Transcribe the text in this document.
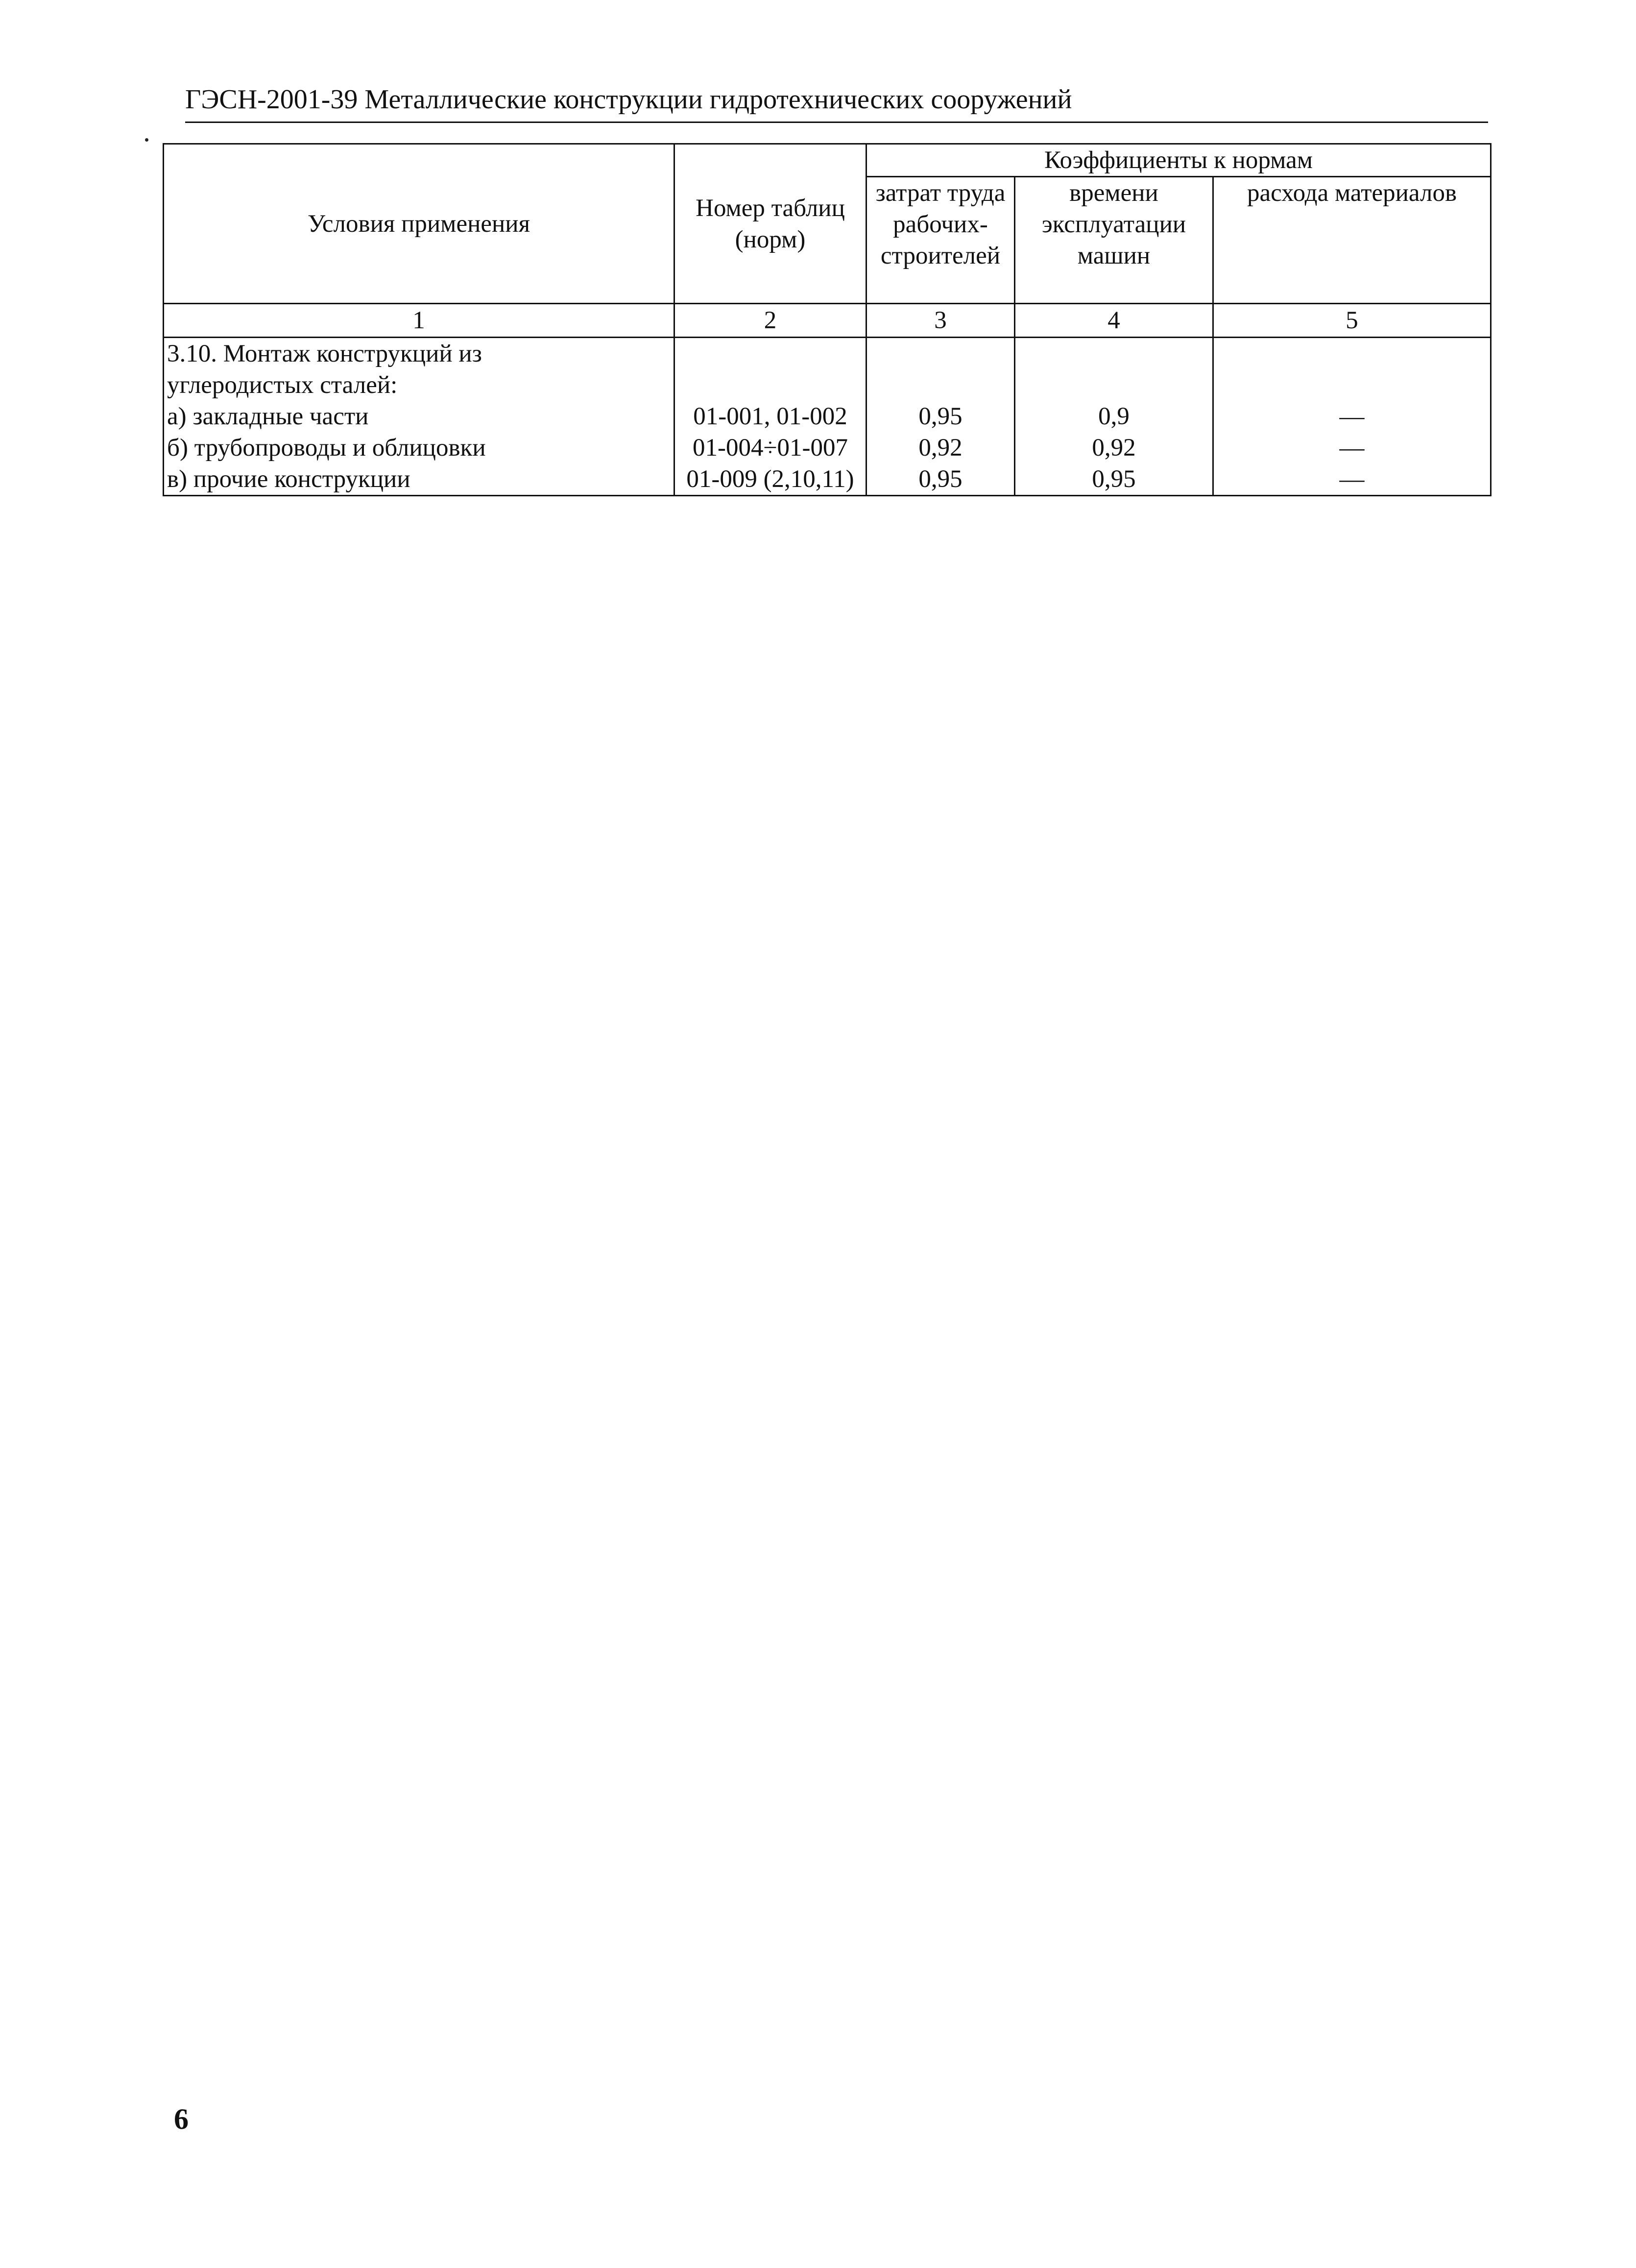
ГЭСН-2001-39 Металлические конструкции гидротехнических сооружений
Условия применения	Номер таблиц (норм)	Коэффициенты к нормам		
		затрат труда рабочих-строителей	времени эксплуатации машин	расхода материалов
1	2	3	4	5
3.10. Монтаж конструкций из				
углеродистых сталей:				
а) закладные части	01-001, 01-002	0,95	0,9	—
б) трубопроводы и облицовки	01-004÷01-007	0,92	0,92	—
в) прочие конструкции	01-009 (2,10,11)	0,95	0,95	—
6
